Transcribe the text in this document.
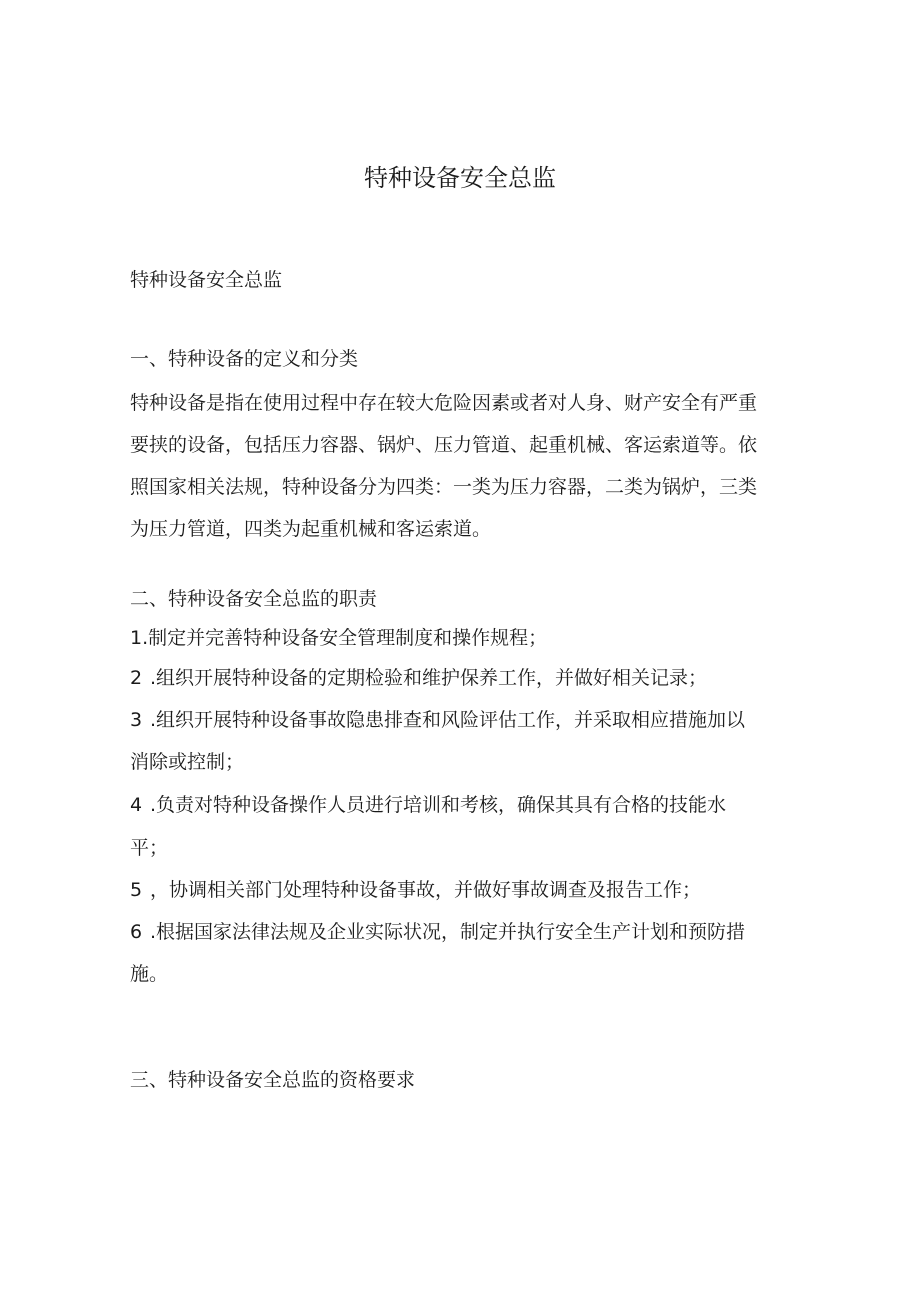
特种设备安全总监

特种设备安全总监

一、特种设备的定义和分类

特种设备是指在使用过程中存在较大危险因素或者对人身、财产安全有严重

要挟的设备，包括压力容器、锅炉、压力管道、起重机械、客运索道等。依

照国家相关法规，特种设备分为四类：一类为压力容器，二类为锅炉，三类

为压力管道，四类为起重机械和客运索道。

二、特种设备安全总监的职责

1.制定并完善特种设备安全管理制度和操作规程；

2 .组织开展特种设备的定期检验和维护保养工作，并做好相关记录；

3 .组织开展特种设备事故隐患排查和风险评估工作，并采取相应措施加以

消除或控制；

4 .负责对特种设备操作人员进行培训和考核，确保其具有合格的技能水

平；

5 ，协调相关部门处理特种设备事故，并做好事故调查及报告工作；

6 .根据国家法律法规及企业实际状况，制定并执行安全生产计划和预防措

施。

三、特种设备安全总监的资格要求
